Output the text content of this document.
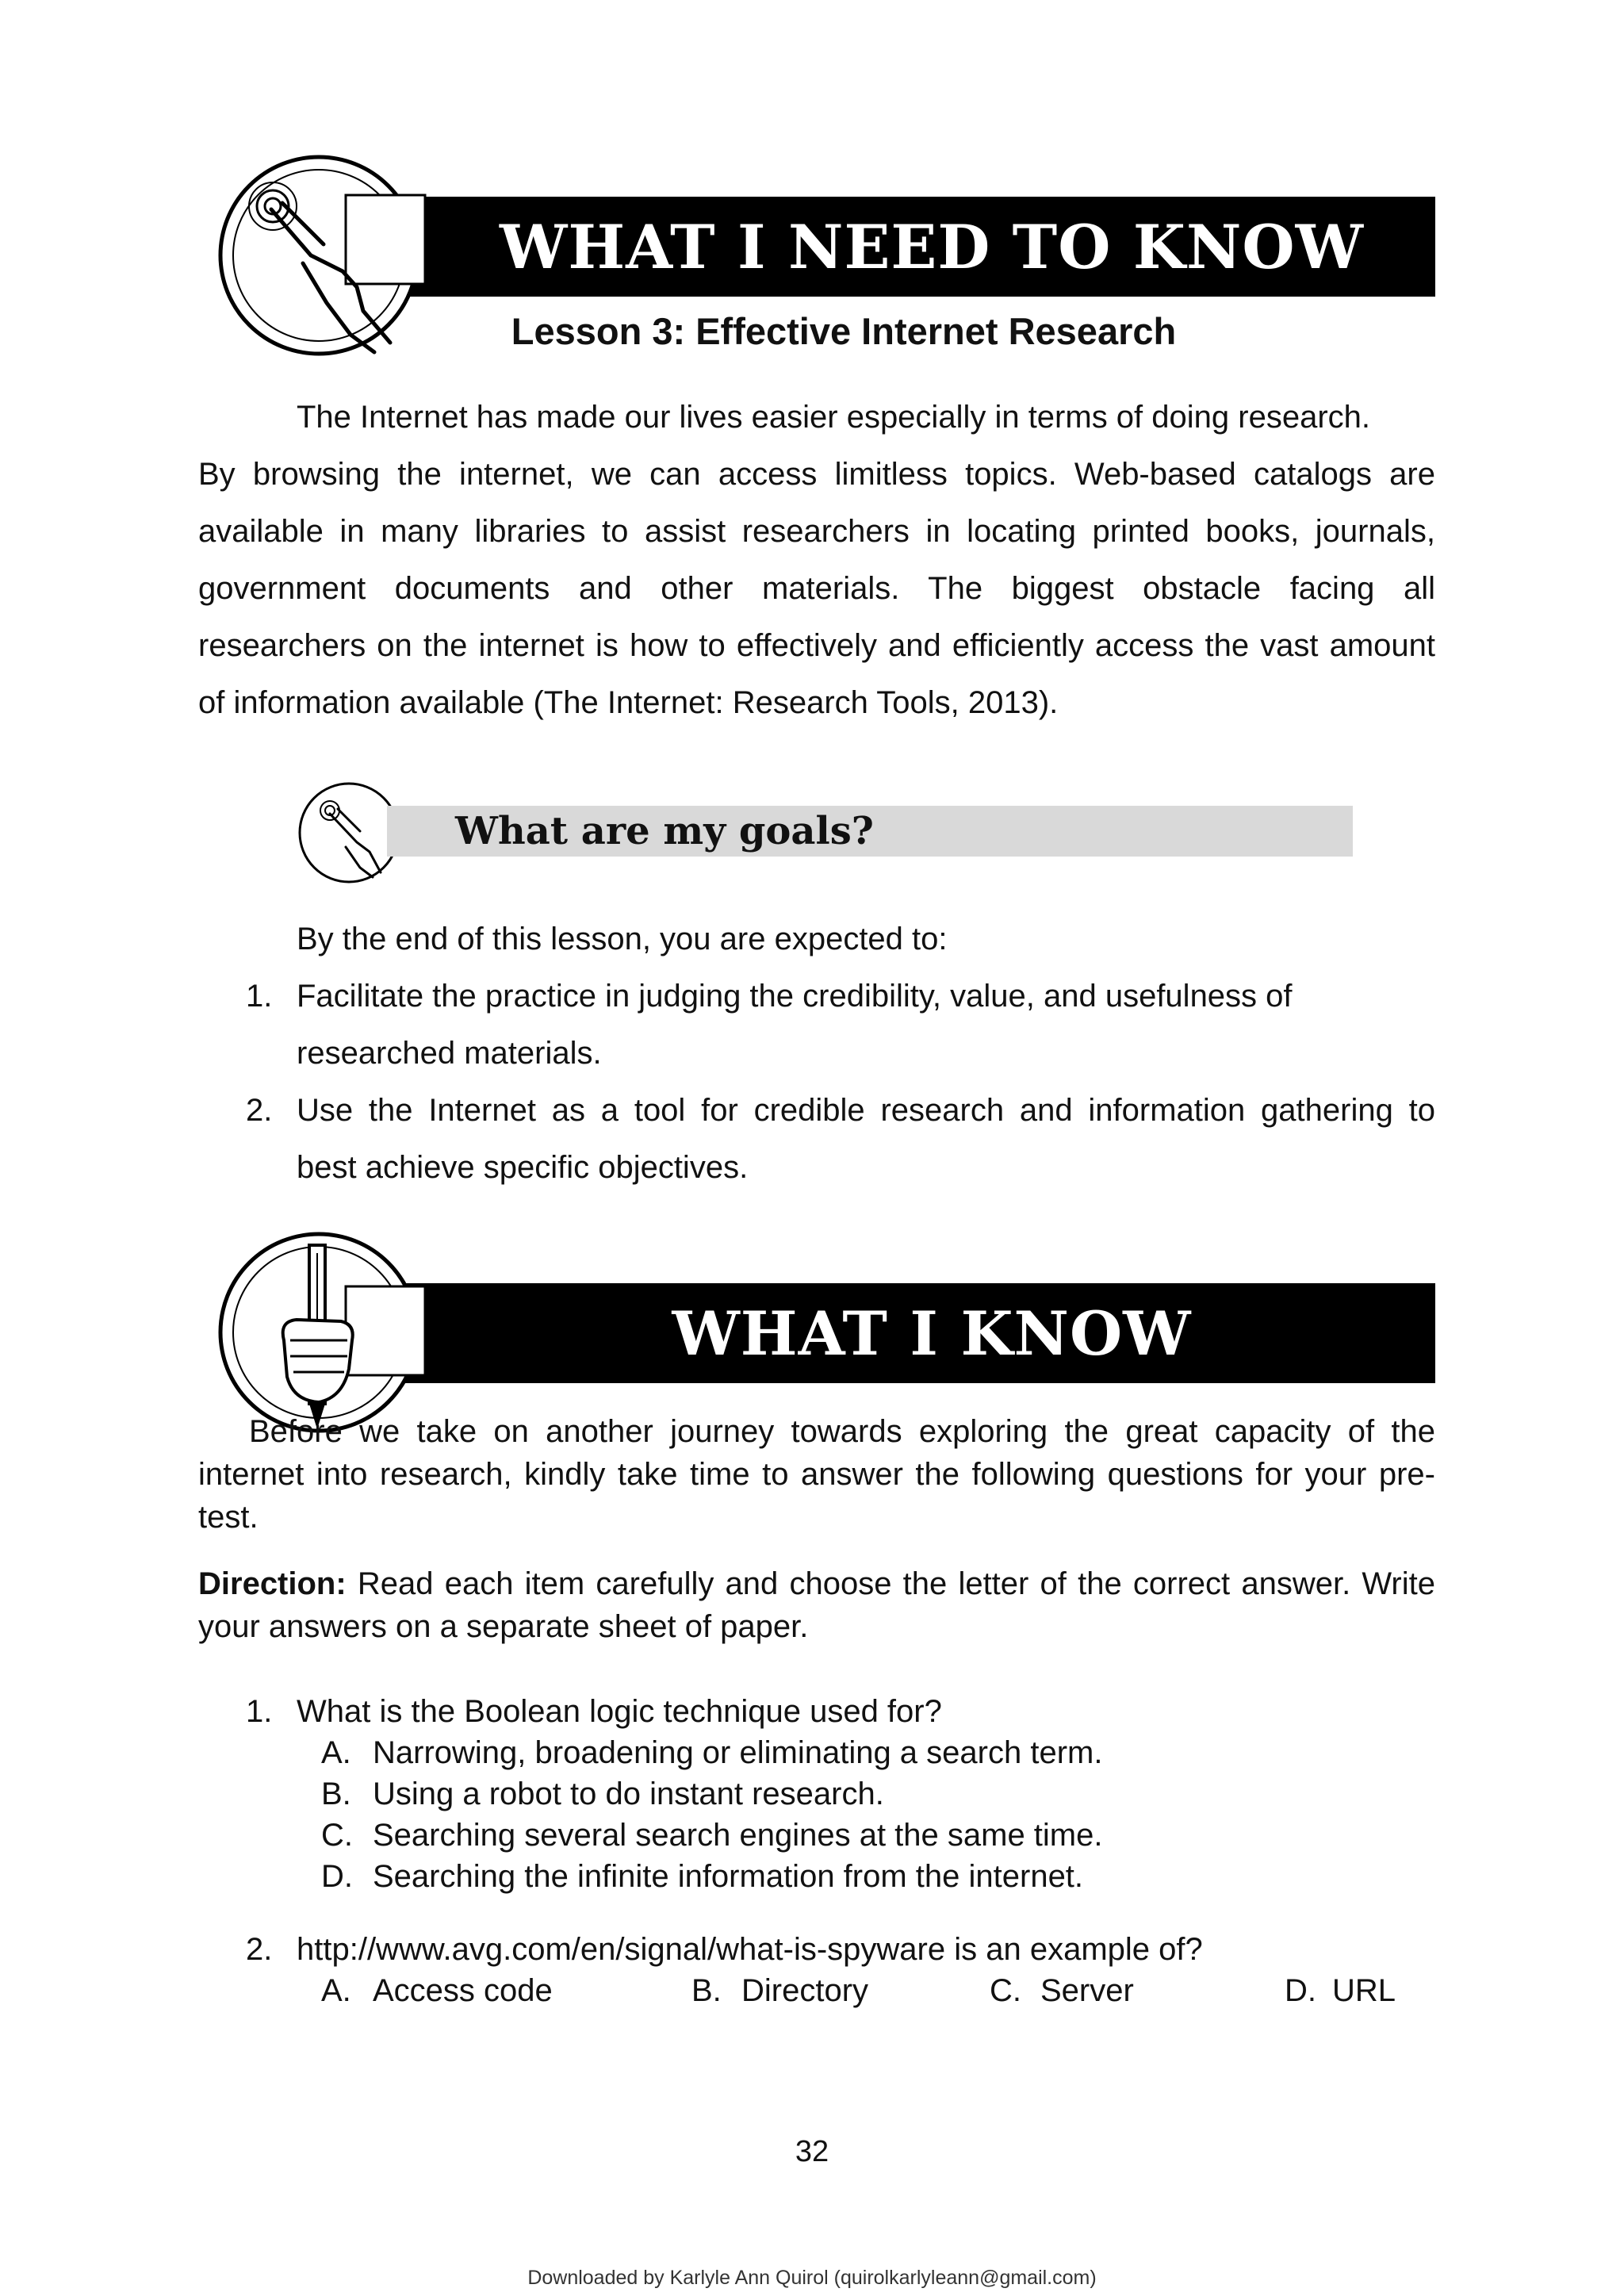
WHAT I NEED TO KNOW
Lesson 3: Effective Internet Research
The Internet has made our lives easier especially in terms of doing research.
By browsing the internet, we can access limitless topics. Web-based catalogs are
available in many libraries to assist researchers in locating printed books, journals,
government documents and other materials. The biggest obstacle facing all
researchers on the internet is how to effectively and efficiently access the vast amount
of information available (The Internet: Research Tools, 2013).
What are my goals?
By the end of this lesson, you are expected to:
1. Facilitate the practice in judging the credibility, value, and usefulness of
researched materials.
2. Use the Internet as a tool for credible research and information gathering to
best achieve specific objectives.
WHAT I KNOW
Before we take on another journey towards exploring the great capacity of the
internet into research, kindly take time to answer the following questions for your pre-
test.
Direction: Read each item carefully and choose the letter of the correct answer. Write
your answers on a separate sheet of paper.
1. What is the Boolean logic technique used for?
A. Narrowing, broadening or eliminating a search term.
B. Using a robot to do instant research.
C. Searching several search engines at the same time.
D. Searching the infinite information from the internet.
2. http://www.avg.com/en/signal/what-is-spyware is an example of?
A. Access code	B. Directory	C. Server	D. URL
32
Downloaded by Karlyle Ann Quirol (quirolkarlyleann@gmail.com)
